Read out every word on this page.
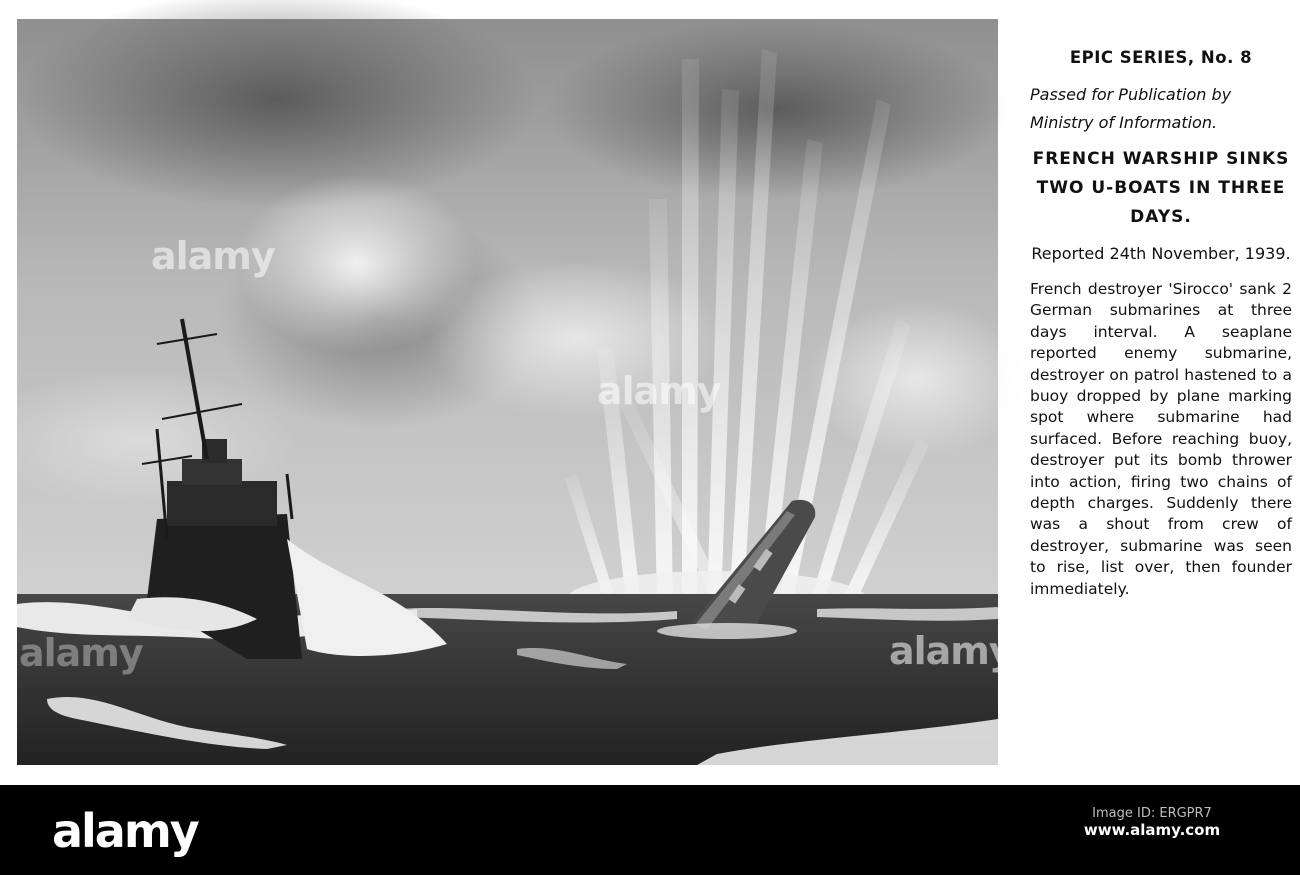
alamy
alamy
alamy
alamy
EPIC SERIES, No. 8
Passed for Publication by Ministry of Information.
FRENCH WARSHIP SINKS TWO U-BOATS IN THREE DAYS.
Reported 24th November, 1939.
French destroyer 'Sirocco' sank 2 German submarines at three days interval. A seaplane reported enemy submarine, destroyer on patrol hastened to a buoy dropped by plane marking spot where submarine had surfaced. Before reaching buoy, destroyer put its bomb thrower into action, firing two chains of depth charges. Suddenly there was a shout from crew of destroyer, submarine was seen to rise, list over, then founder immediately.
alamy	Image ID: ERGPR7
www.alamy.com
